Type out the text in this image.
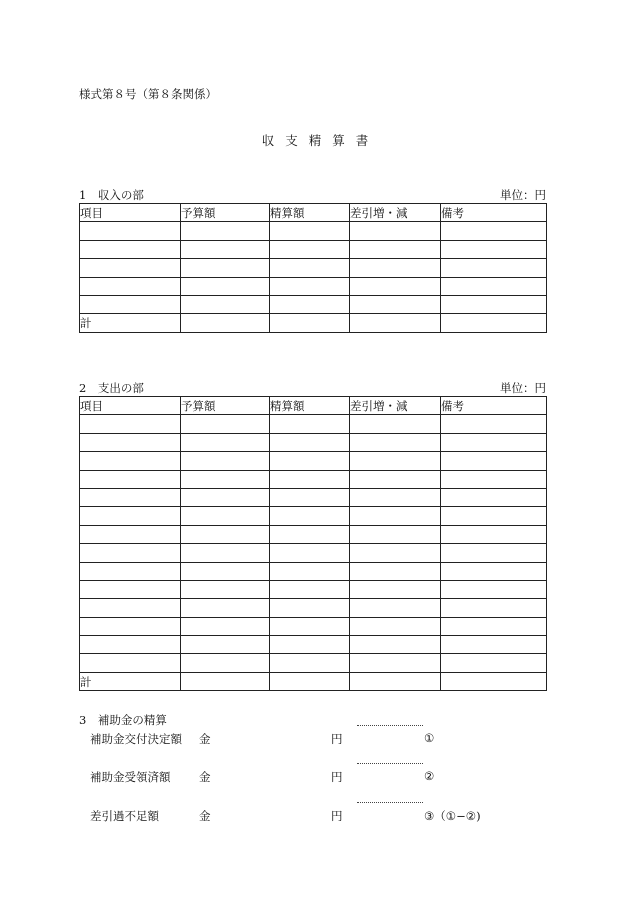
様式第８号（第８条関係）
収支精算書
1　収入の部	単位：円
項目	予算額	精算額	差引増・減	備考

計				
2　支出の部	単位：円
項目	予算額	精算額	差引増・減	備考

計				
3　補助金の精算
補助金交付決定額 金	円	①
補助金受領済額 金	円	②
差引過不足額	金	円	③（①−②)
